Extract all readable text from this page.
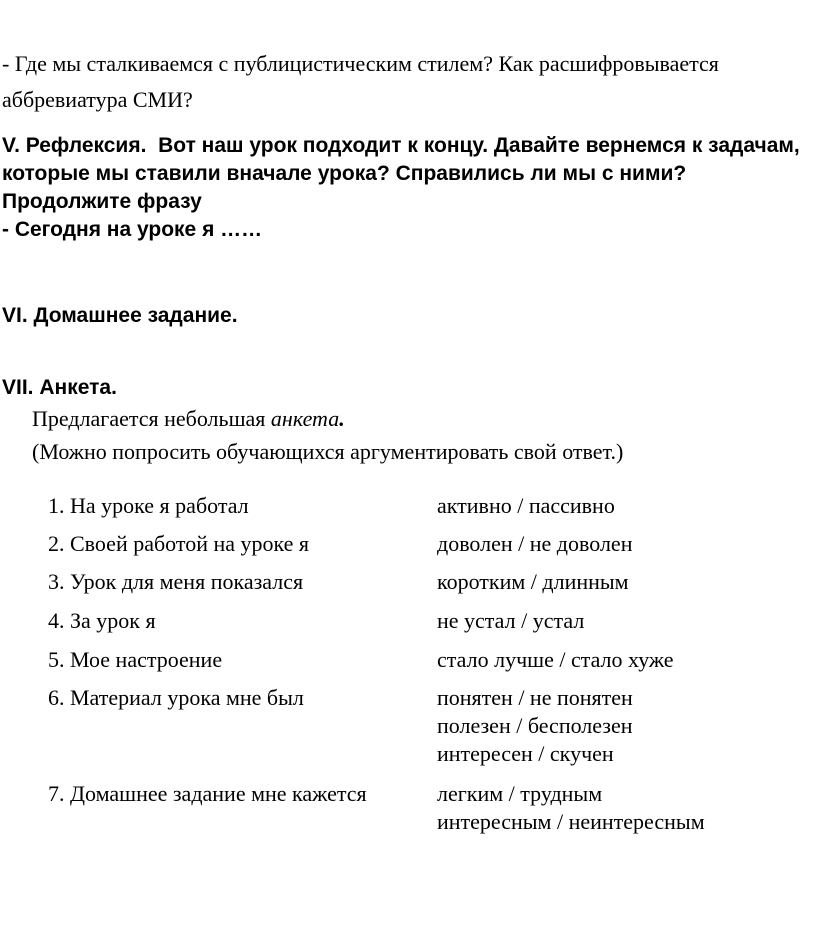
- Где мы сталкиваемся с публицистическим стилем? Как расшифровывается аббревиатура СМИ?
V. Рефлексия. Вот наш урок подходит к концу. Давайте вернемся к задачам, которые мы ставили вначале урока? Справились ли мы с ними?
Продолжите фразу
- Сегодня на уроке я ……
VI. Домашнее задание.
VII. Анкета.
Предлагается небольшая анкета.
(Можно попросить обучающихся аргументировать свой ответ.)
1. На уроке я работал	активно / пассивно
2. Своей работой на уроке я	доволен / не доволен
3. Урок для меня показался	коротким / длинным
4. За урок я	не устал / устал
5. Мое настроение	стало лучше / стало хуже
6. Материал урока мне был	понятен / не понятен
полезен / бесполезен
интересен / скучен
7. Домашнее задание мне кажется	легким / трудным
интересным / неинтересным
